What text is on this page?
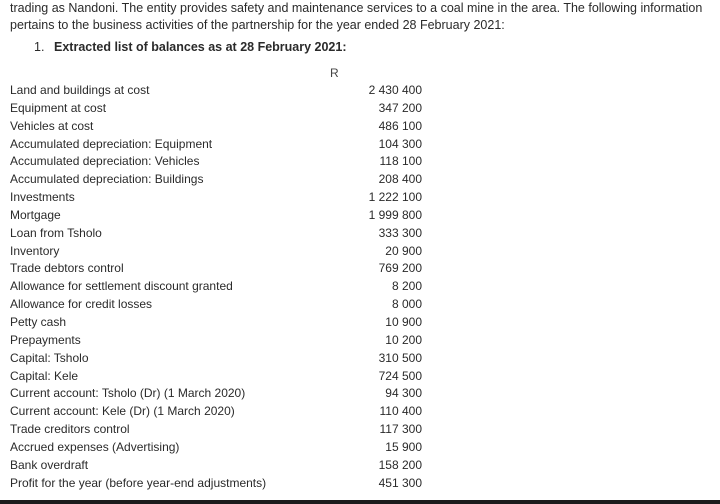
trading as Nandoni. The entity provides safety and maintenance services to a coal mine in the area. The following information pertains to the business activities of the partnership for the year ended 28 February 2021:

1. Extracted list of balances as at 28 February 2021:

R
Land and buildings at cost	2 430 400
Equipment at cost	347 200
Vehicles at cost	486 100
Accumulated depreciation: Equipment	104 300
Accumulated depreciation: Vehicles	118 100
Accumulated depreciation: Buildings	208 400
Investments	1 222 100
Mortgage	1 999 800
Loan from Tsholo	333 300
Inventory	20 900
Trade debtors control	769 200
Allowance for settlement discount granted	8 200
Allowance for credit losses	8 000
Petty cash	10 900
Prepayments	10 200
Capital: Tsholo	310 500
Capital: Kele	724 500
Current account: Tsholo (Dr) (1 March 2020)	94 300
Current account: Kele (Dr) (1 March 2020)	110 400
Trade creditors control	117 300
Accrued expenses (Advertising)	15 900
Bank overdraft	158 200
Profit for the year (before year-end adjustments)	451 300
